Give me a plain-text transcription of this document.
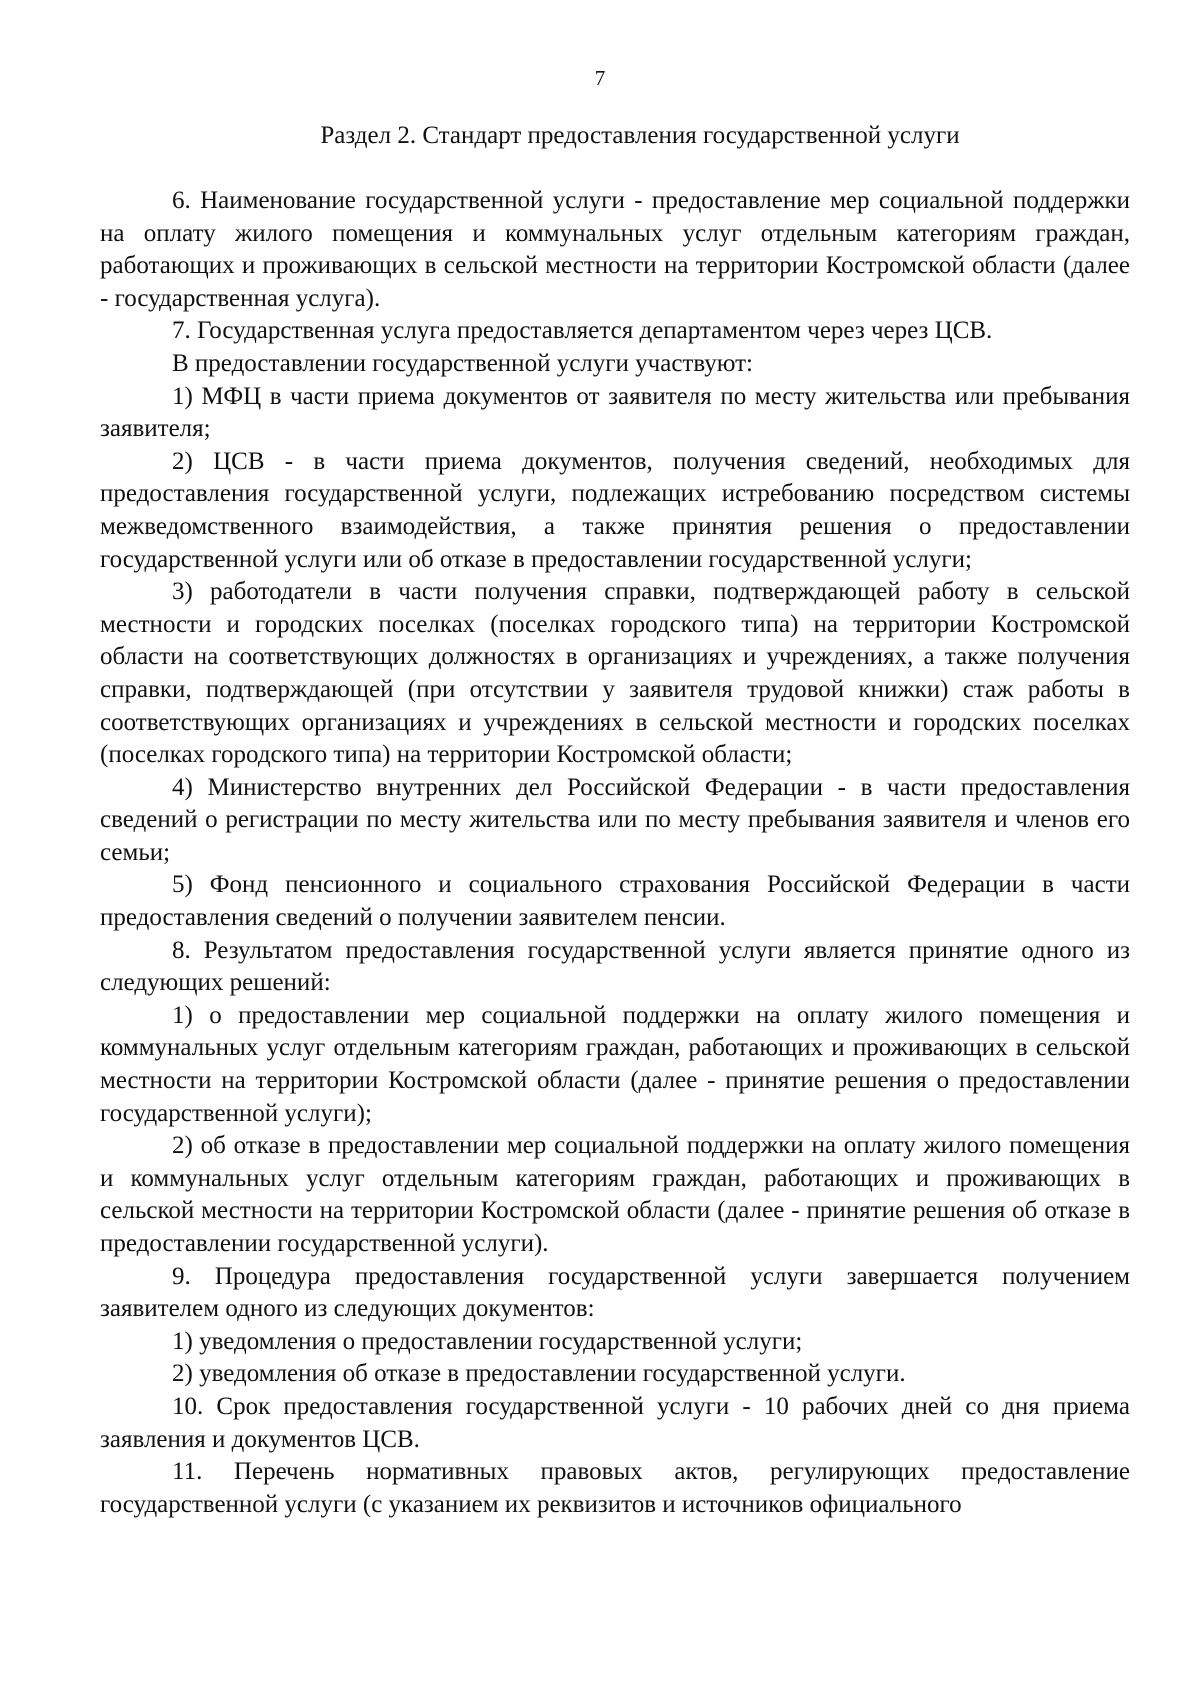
7
Раздел 2. Стандарт предоставления государственной услуги

6. Наименование государственной услуги - предоставление мер социальной поддержки на оплату жилого помещения и коммунальных услуг отдельным категориям граждан, работающих и проживающих в сельской местности на территории Костромской области (далее - государственная услуга).

7. Государственная услуга предоставляется департаментом через через ЦСВ.

В предоставлении государственной услуги участвуют:

1) МФЦ в части приема документов от заявителя по месту жительства или пребывания заявителя;

2) ЦСВ - в части приема документов, получения сведений, необходимых для предоставления государственной услуги, подлежащих истребованию посредством системы межведомственного взаимодействия, а также принятия решения о предоставлении государственной услуги или об отказе в предоставлении государственной услуги;

3) работодатели в части получения справки, подтверждающей работу в сельской местности и городских поселках (поселках городского типа) на территории Костромской области на соответствующих должностях в организациях и учреждениях, а также получения справки, подтверждающей (при отсутствии у заявителя трудовой книжки) стаж работы в соответствующих организациях и учреждениях в сельской местности и городских поселках (поселках городского типа) на территории Костромской области;

4) Министерство внутренних дел Российской Федерации - в части предоставления сведений о регистрации по месту жительства или по месту пребывания заявителя и членов его семьи;

5) Фонд пенсионного и социального страхования Российской Федерации в части предоставления сведений о получении заявителем пенсии.

8. Результатом предоставления государственной услуги является принятие одного из следующих решений:

1) о предоставлении мер социальной поддержки на оплату жилого помещения и коммунальных услуг отдельным категориям граждан, работающих и проживающих в сельской местности на территории Костромской области (далее - принятие решения о предоставлении государственной услуги);

2) об отказе в предоставлении мер социальной поддержки на оплату жилого помещения и коммунальных услуг отдельным категориям граждан, работающих и проживающих в сельской местности на территории Костромской области (далее - принятие решения об отказе в предоставлении государственной услуги).

9. Процедура предоставления государственной услуги завершается получением заявителем одного из следующих документов:

1) уведомления о предоставлении государственной услуги;

2) уведомления об отказе в предоставлении государственной услуги.

10. Срок предоставления государственной услуги - 10 рабочих дней со дня приема заявления и документов ЦСВ.

11. Перечень нормативных правовых актов, регулирующих предоставление государственной услуги (с указанием их реквизитов и источников официального
